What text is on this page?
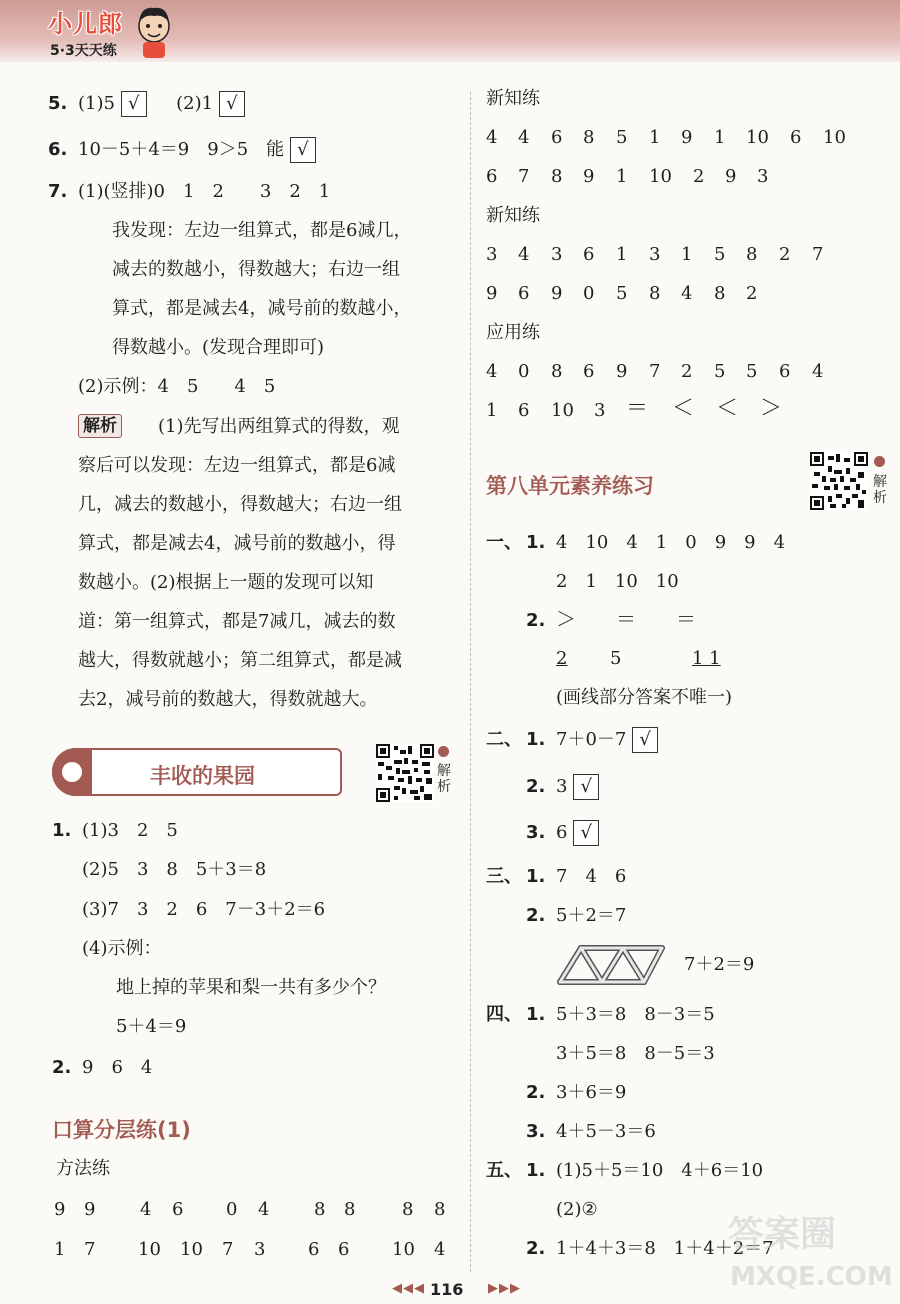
小儿郎
5·3天天练
5. (1)5 √ (2)1 √
6. 10－5＋4＝9　9＞5　能 √
7. (1)(竖排)0　1　2　　3　2　1
我发现：左边一组算式，都是6减几，
减去的数越小，得数越大；右边一组
算式，都是减去4，减号前的数越小，
得数越小。(发现合理即可)
(2)示例：4　5　　4　5
解析 (1)先写出两组算式的得数，观
察后可以发现：左边一组算式，都是6减
几，减去的数越小，得数越大；右边一组
算式，都是减去4，减号前的数越小，得
数越小。(2)根据上一题的发现可以知
道：第一组算式，都是7减几，减去的数
越大，得数就越小；第二组算式，都是减
去2，减号前的数越大，得数就越大。
丰收的果园	解析
1. (1)3　2　5
(2)5　3　8　5＋3＝8
(3)7　3　2　6　7－3＋2＝6
(4)示例：
地上掉的苹果和梨一共有多少个？
5＋4＝9
2. 9　6　4
口算分层练(1)
方法练
9 9 4 6 0 4 8 8	8 8
1 7 10 10 7 3 6 6 10 4
新知练
4 4 6 8 5 1 9 1 10 6 10
6 7 8 9 1 10 2 9 3
新知练
3 4 3 6 1 3 1 5 8 2 7
9 6 9 0 5 8 4 8 2
应用练
4 0 8 6 9 7 2 5 5 6 4
1 6 10 3 ＝ ＜ ＜ ＞
第八单元素养练习	解析
一、 1. 4　10　4　1　0　9　9　4
2　1　10　10
2. ＞　　＝　　＝
2 5	1 1
(画线部分答案不唯一)
二、 1. 7＋0－7 √
2. 3 √
3. 6 √
三、 1. 7　4　6
2. 5＋2＝7
7＋2＝9
四、 1. 5＋3＝8　8－3＝5
3＋5＝8　8－5＝3
2. 3＋6＝9
3. 4＋5－3＝6
五、 1. (1)5＋5＝10　4＋6＝10
(2)②
2. 1＋4＋3＝8　1＋4＋2＝7
答案圈
MXQE.COM
◀◀◀ 116 ▶▶▶
